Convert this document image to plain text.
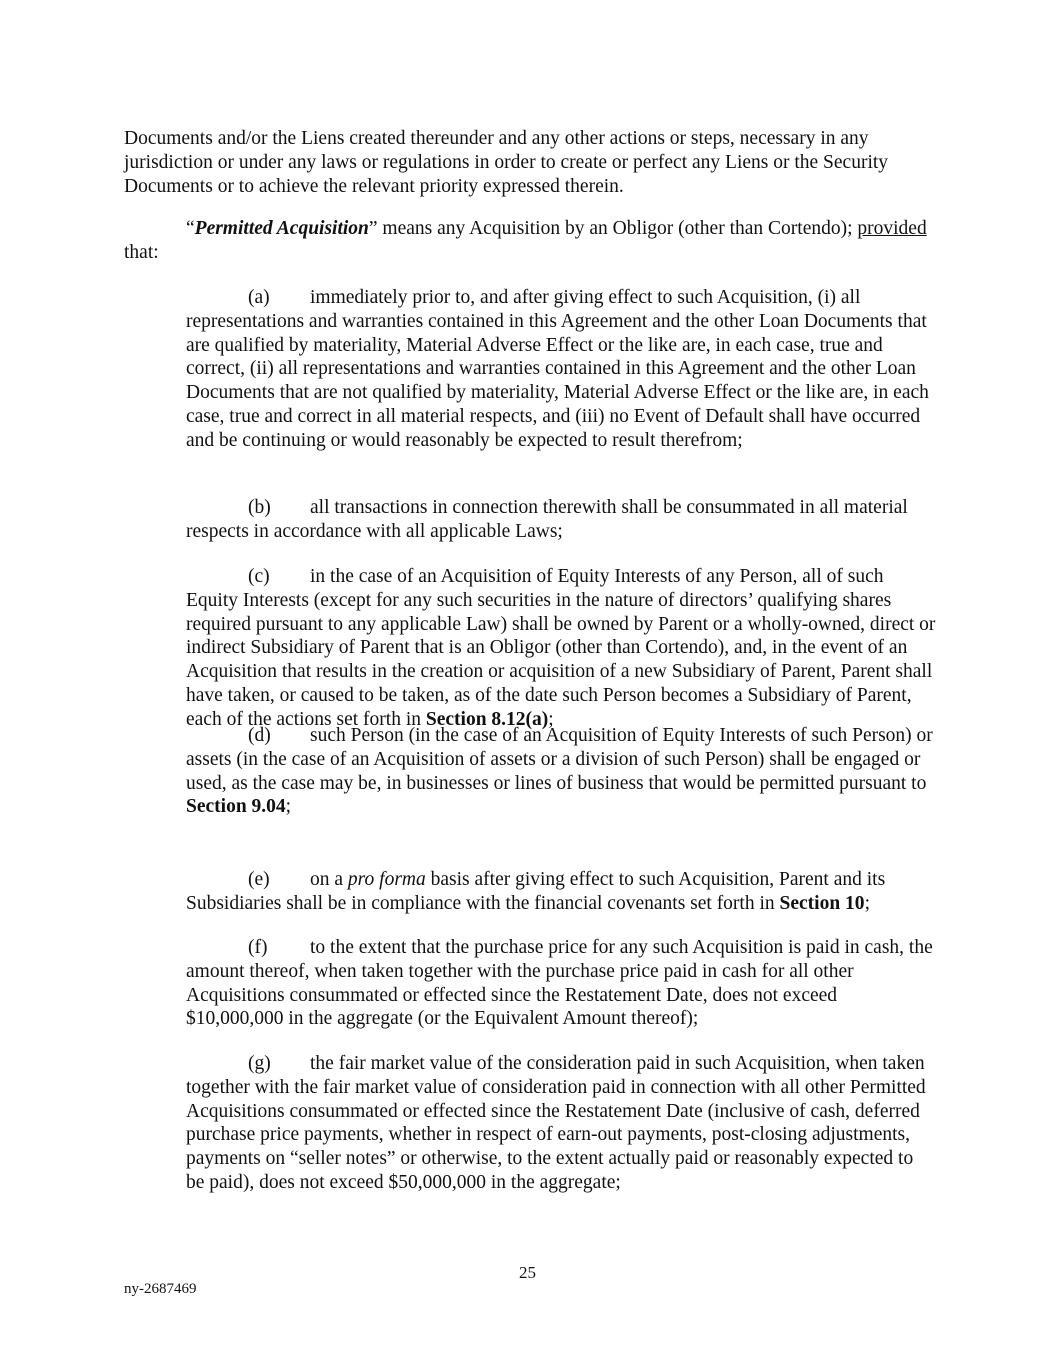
Documents and/or the Liens created thereunder and any other actions or steps, necessary in any jurisdiction or under any laws or regulations in order to create or perfect any Liens or the Security Documents or to achieve the relevant priority expressed therein.

“Permitted Acquisition” means any Acquisition by an Obligor (other than Cortendo); provided that:

(a) immediately prior to, and after giving effect to such Acquisition, (i) all representations and warranties contained in this Agreement and the other Loan Documents that are qualified by materiality, Material Adverse Effect or the like are, in each case, true and correct, (ii) all representations and warranties contained in this Agreement and the other Loan Documents that are not qualified by materiality, Material Adverse Effect or the like are, in each case, true and correct in all material respects, and (iii) no Event of Default shall have occurred and be continuing or would reasonably be expected to result therefrom;

(b) all transactions in connection therewith shall be consummated in all material respects in accordance with all applicable Laws;

(c) in the case of an Acquisition of Equity Interests of any Person, all of such Equity Interests (except for any such securities in the nature of directors’ qualifying shares required pursuant to any applicable Law) shall be owned by Parent or a wholly-owned, direct or indirect Subsidiary of Parent that is an Obligor (other than Cortendo), and, in the event of an Acquisition that results in the creation or acquisition of a new Subsidiary of Parent, Parent shall have taken, or caused to be taken, as of the date such Person becomes a Subsidiary of Parent, each of the actions set forth in Section 8.12(a);

(d) such Person (in the case of an Acquisition of Equity Interests of such Person) or assets (in the case of an Acquisition of assets or a division of such Person) shall be engaged or used, as the case may be, in businesses or lines of business that would be permitted pursuant to Section 9.04;

(e) on a pro forma basis after giving effect to such Acquisition, Parent and its Subsidiaries shall be in compliance with the financial covenants set forth in Section 10;

(f) to the extent that the purchase price for any such Acquisition is paid in cash, the amount thereof, when taken together with the purchase price paid in cash for all other Acquisitions consummated or effected since the Restatement Date, does not exceed $10,000,000 in the aggregate (or the Equivalent Amount thereof);

(g) the fair market value of the consideration paid in such Acquisition, when taken together with the fair market value of consideration paid in connection with all other Permitted Acquisitions consummated or effected since the Restatement Date (inclusive of cash, deferred purchase price payments, whether in respect of earn-out payments, post-closing adjustments, payments on “seller notes” or otherwise, to the extent actually paid or reasonably expected to be paid), does not exceed $50,000,000 in the aggregate;

25
ny-2687469
